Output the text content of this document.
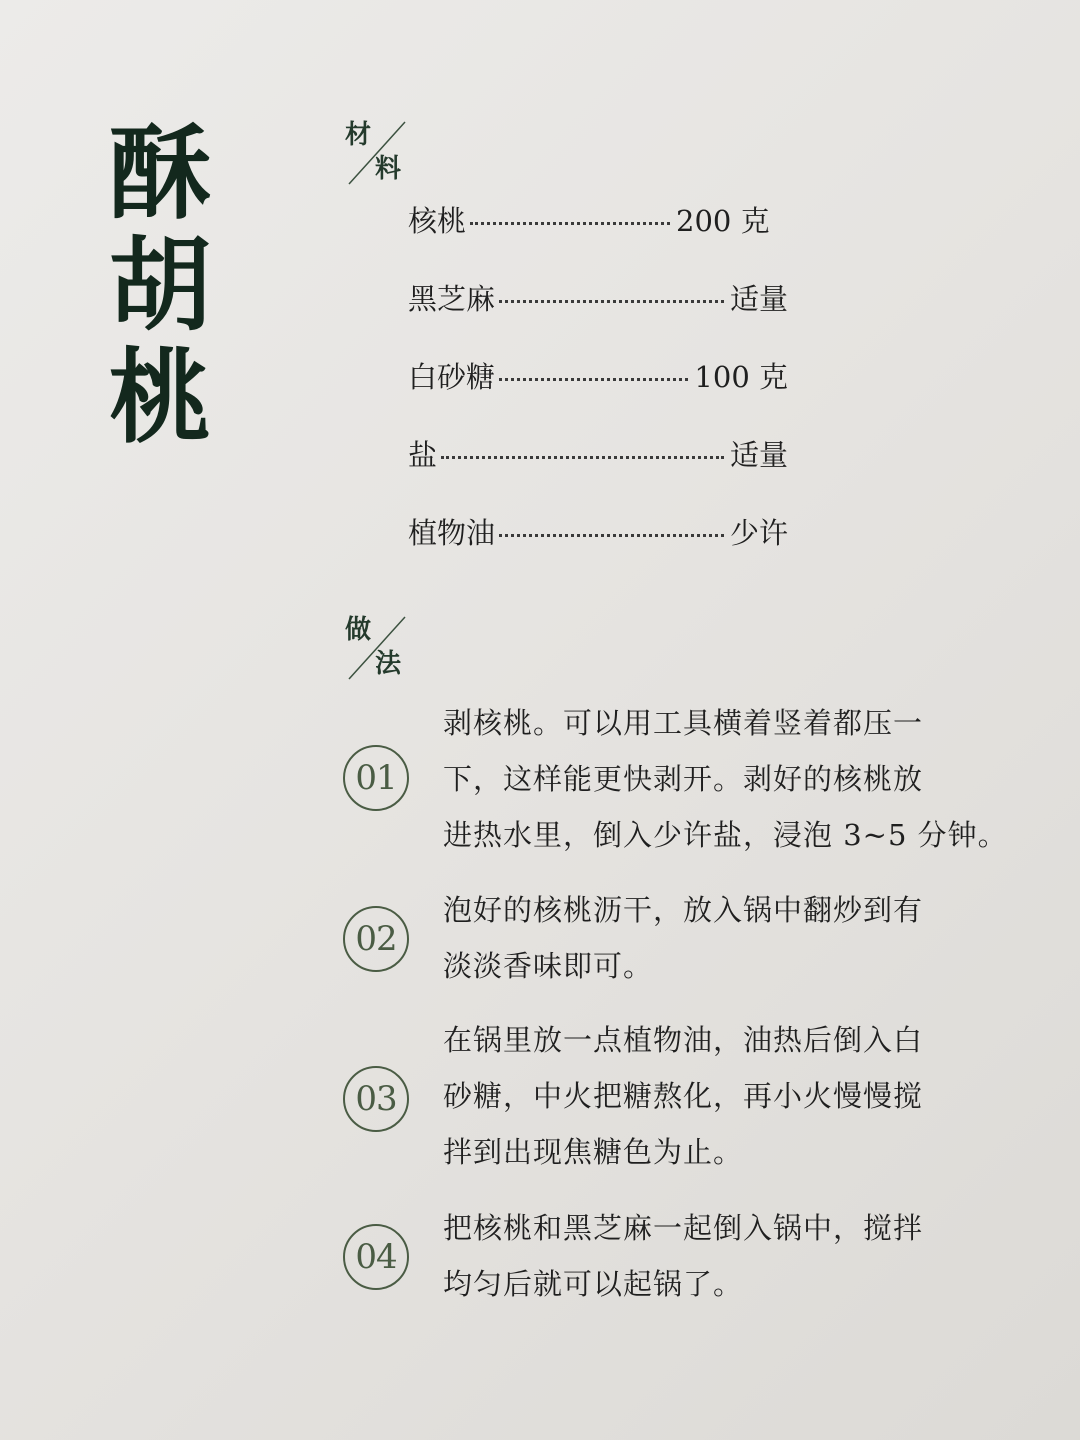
酥
胡
桃
材
料
核桃	200 克
黑芝麻	适量
白砂糖	100 克
盐	适量
植物油	少许
做
法
01
剥核桃。可以用工具横着竖着都压一
下，这样能更快剥开。剥好的核桃放
进热水里，倒入少许盐，浸泡 3~5 分钟。
02
泡好的核桃沥干，放入锅中翻炒到有
淡淡香味即可。
03
在锅里放一点植物油，油热后倒入白
砂糖，中火把糖熬化，再小火慢慢搅
拌到出现焦糖色为止。
04
把核桃和黑芝麻一起倒入锅中，搅拌
均匀后就可以起锅了。
